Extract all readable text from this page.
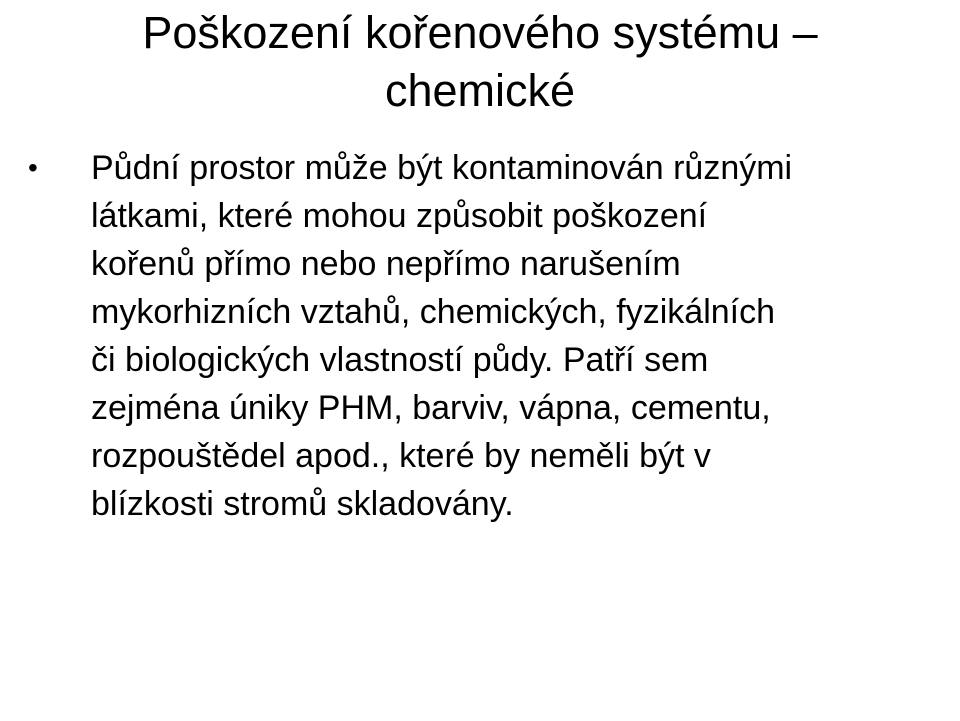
Poškození kořenového systému –
chemické
• Půdní prostor může být kontaminován různými
látkami, které mohou způsobit poškození
kořenů přímo nebo nepřímo narušením
mykorhizních vztahů, chemických, fyzikálních
či biologických vlastností půdy. Patří sem
zejména úniky PHM, barviv, vápna, cementu,
rozpouštědel apod., které by neměli být v
blízkosti stromů skladovány.
Tento projekt je spolufinancován Evropským sociálním fondem a Státním rozpočtem ČR InoBio – CZ.1.07/2.2.00/28.0018
